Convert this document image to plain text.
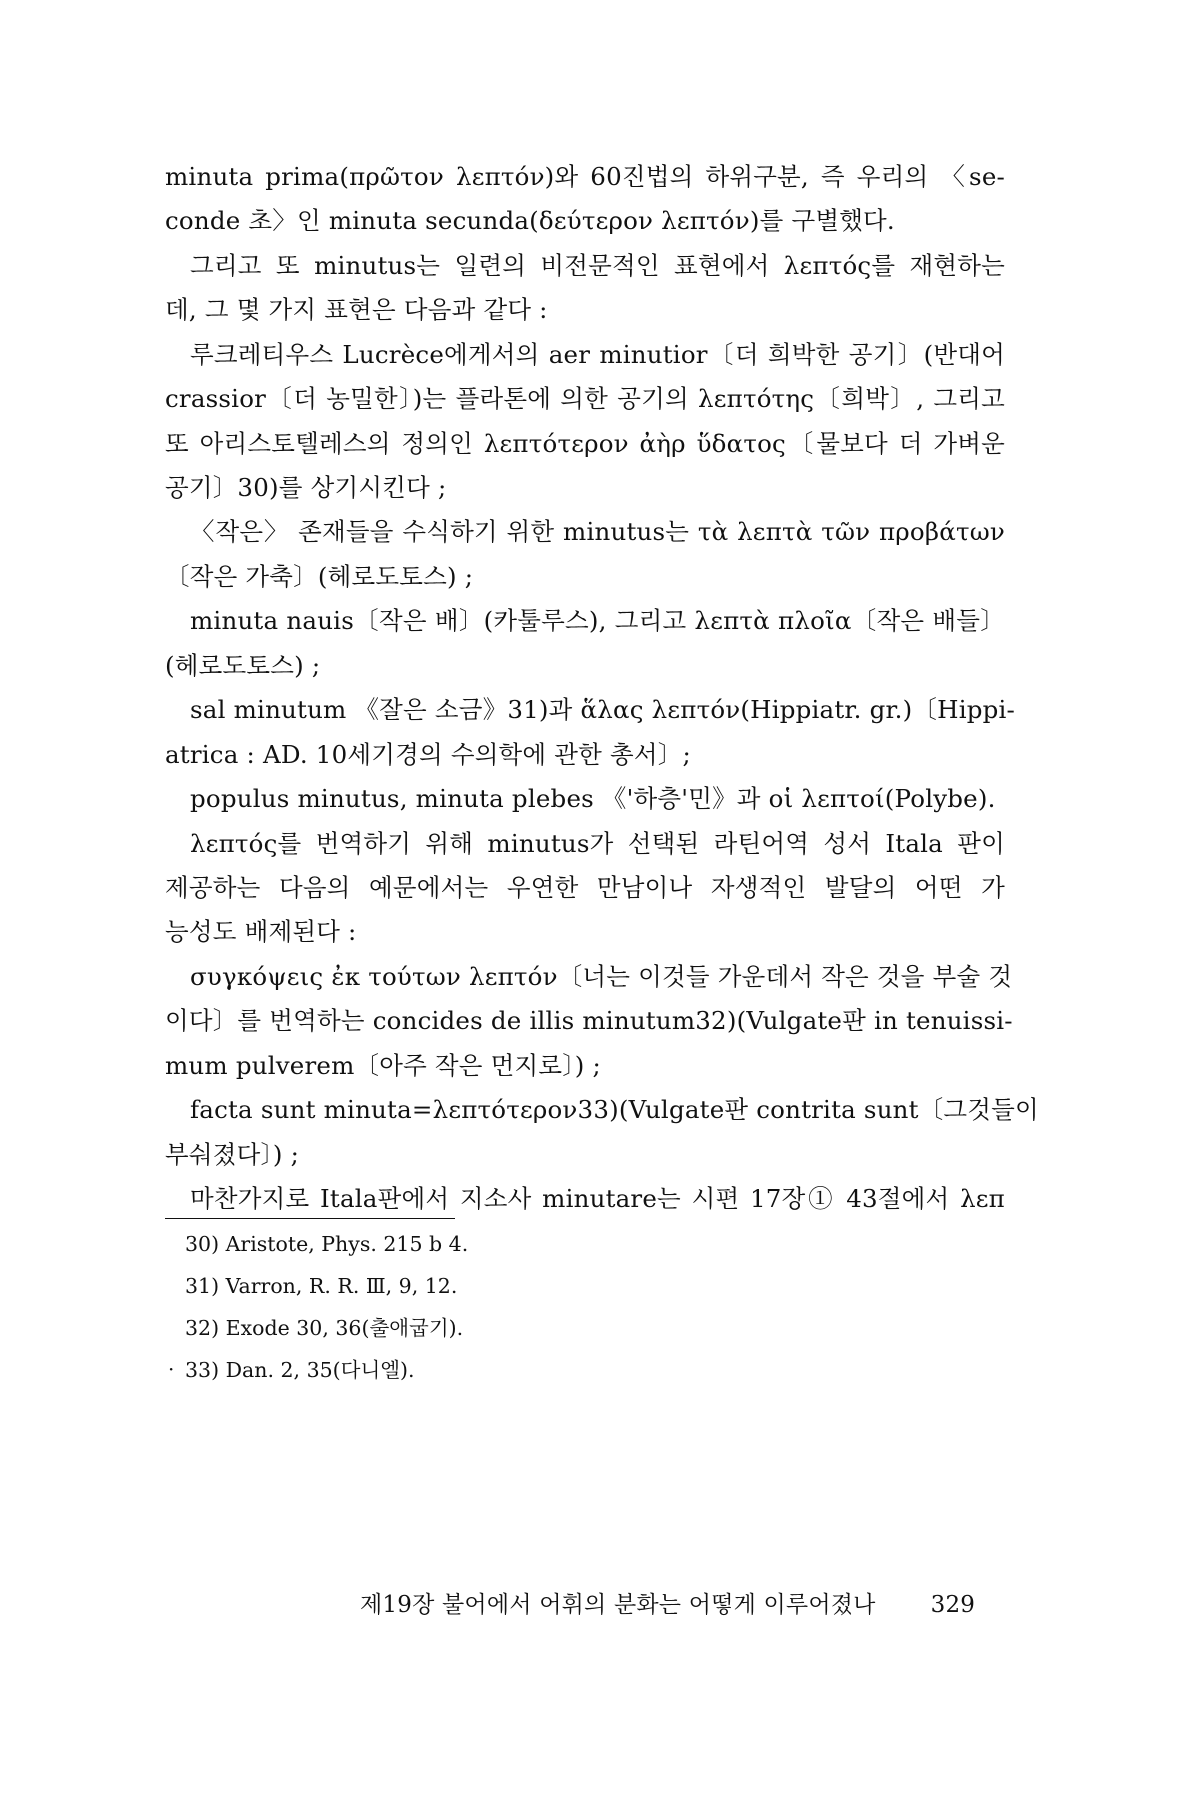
minuta prima(πρῶτον λεπτόν)와 60진법의 하위구분, 즉 우리의 〈se-

conde 초〉인 minuta secunda(δεύτερον λεπτόν)를 구별했다.

그리고 또 minutus는 일련의 비전문적인 표현에서 λεπτός를 재현하는

데, 그 몇 가지 표현은 다음과 같다 :

루크레티우스 Lucrèce에게서의 aer minutior〔더 희박한 공기〕(반대어

crassior〔더 농밀한〕)는 플라톤에 의한 공기의 λεπτότης〔희박〕, 그리고

또 아리스토텔레스의 정의인 λεπτότερον ἀὴρ ὕδατος〔물보다 더 가벼운

공기〕30)를 상기시킨다 ;

〈작은〉 존재들을 수식하기 위한 minutus는 τὰ λεπτὰ τῶν προβάτων

〔작은 가축〕(헤로도토스) ;

minuta nauis〔작은 배〕(카툴루스), 그리고 λεπτὰ πλοῖα〔작은 배들〕

(헤로도토스) ;

sal minutum 《잘은 소금》31)과 ἅλας λεπτόν(Hippiatr. gr.)〔Hippi-

atrica : AD. 10세기경의 수의학에 관한 총서〕;

populus minutus, minuta plebes 《'하층'민》과 οἱ λεπτοί(Polybe).

λεπτός를 번역하기 위해 minutus가 선택된 라틴어역 성서 Itala 판이

제공하는 다음의 예문에서는 우연한 만남이나 자생적인 발달의 어떤 가

능성도 배제된다 :

συγκόψεις ἐκ τούτων λεπτόν〔너는 이것들 가운데서 작은 것을 부술 것

이다〕를 번역하는 concides de illis minutum32)(Vulgate판 in tenuissi-

mum pulverem〔아주 작은 먼지로〕) ;

facta sunt minuta=λεπτότερον33)(Vulgate판 contrita sunt〔그것들이

부숴졌다〕) ;

30) Aristote, Phys. 215 b 4.

31) Varron, R. R. Ⅲ, 9, 12.

32) Exode 30, 36(출애굽기).

33) Dan. 2, 35(다니엘).

·
제19장 불어에서 어휘의 분화는 어떻게 이루어졌나 329

마찬가지로 Itala판에서 지소사 minutare는 시편 17장① 43절에서 λεπ
